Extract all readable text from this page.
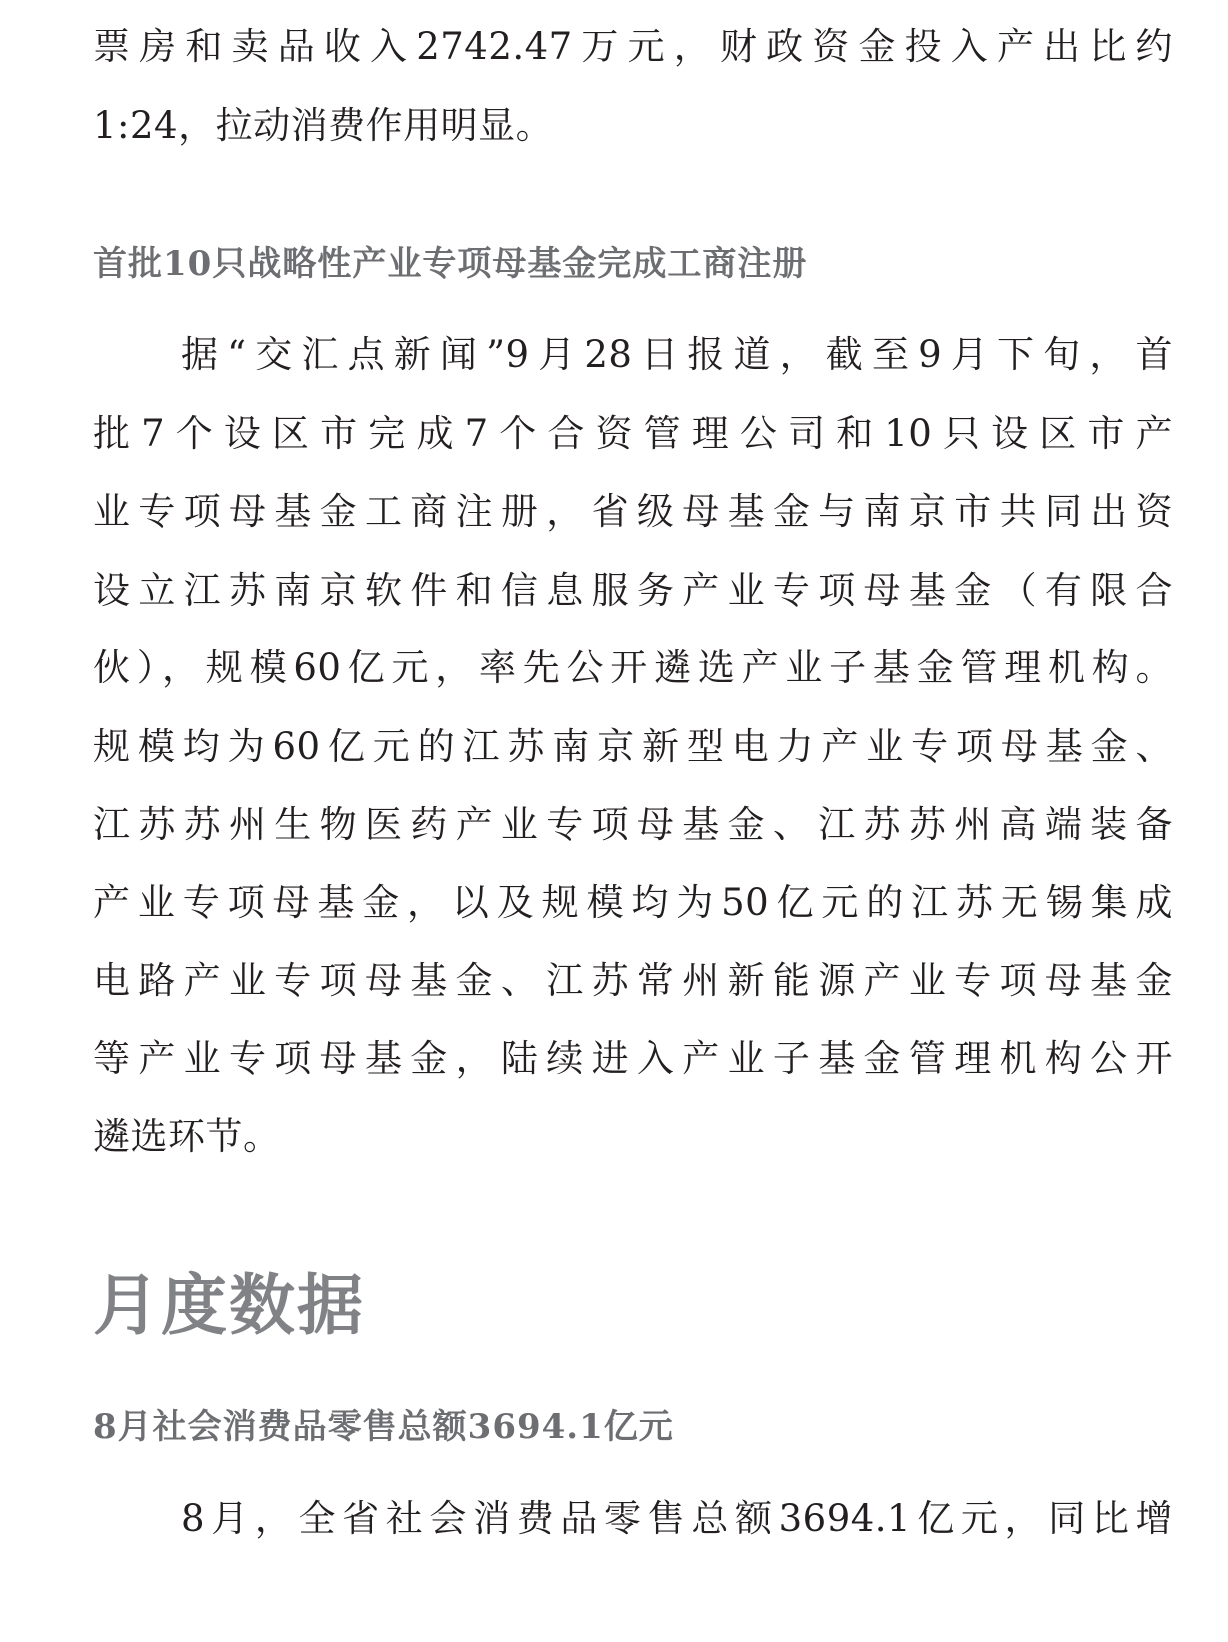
票房和卖品收入2742.47万元，财政资金投入产出比约
1:24，拉动消费作用明显。
首批10只战略性产业专项母基金完成工商注册
据“交汇点新闻”9月28日报道，截至9月下旬，首
批7个设区市完成7个合资管理公司和10只设区市产
业专项母基金工商注册，省级母基金与南京市共同出资
设立江苏南京软件和信息服务产业专项母基金（有限合
伙），规模60亿元，率先公开遴选产业子基金管理机构。
规模均为60亿元的江苏南京新型电力产业专项母基金、
江苏苏州生物医药产业专项母基金、江苏苏州高端装备
产业专项母基金，以及规模均为50亿元的江苏无锡集成
电路产业专项母基金、江苏常州新能源产业专项母基金
等产业专项母基金，陆续进入产业子基金管理机构公开
遴选环节。
月度数据
8月社会消费品零售总额3694.1亿元
8月，全省社会消费品零售总额3694.1亿元，同比增
